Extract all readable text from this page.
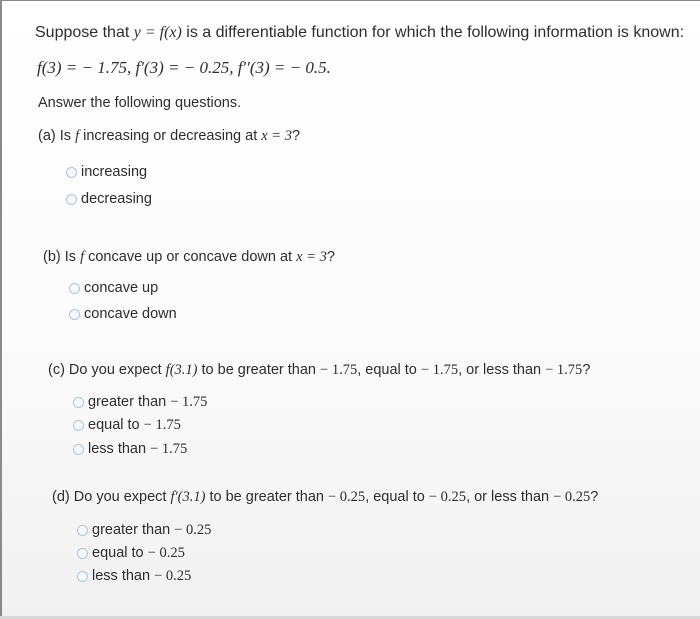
Suppose that y = f(x) is a differentiable function for which the following information is known:
f(3) = − 1.75, f′(3) = − 0.25, f′′(3) = − 0.5.
Answer the following questions.
(a) Is f increasing or decreasing at x = 3?
increasing
decreasing
(b) Is f concave up or concave down at x = 3?
concave up
concave down
(c) Do you expect f(3.1) to be greater than − 1.75, equal to − 1.75, or less than − 1.75?
greater than − 1.75
equal to − 1.75
less than − 1.75
(d) Do you expect f′(3.1) to be greater than − 0.25, equal to − 0.25, or less than − 0.25?
greater than − 0.25
equal to − 0.25
less than − 0.25
